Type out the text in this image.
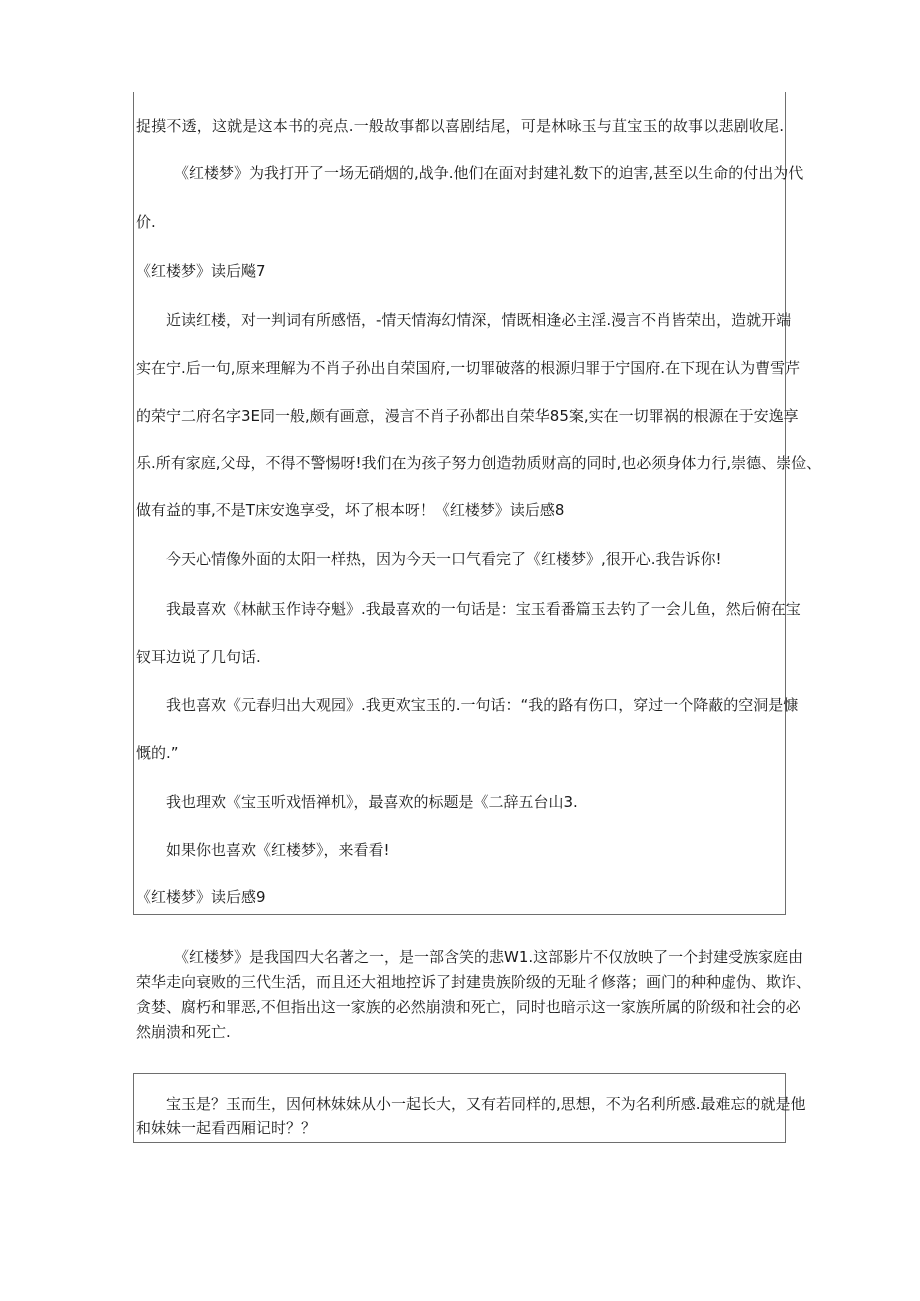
捉摸不透，这就是这本书的亮点.一般故事都以喜剧结尾，可是林咏玉与苴宝玉的故事以悲剧收尾.
《红楼梦》为我打开了一场无硝烟的,战争.他们在面对封建礼数下的迫害,甚至以生命的付出为代
价.
《红楼梦》读后飚7
近读红楼，对一判词有所感悟，-情天情海幻情深，情既相逢必主淫.漫言不肖皆荣出，造就开端
实在宁.后一句,原来理解为不肖子孙出自荣国府,一切罪破落的根源归罪于宁国府.在下现在认为曹雪芹
的荣宁二府名字3E同一般,颇有画意，漫言不肖子孙都出自荣华85案,实在一切罪祸的根源在于安逸享
乐.所有家庭,父母，不得不警惕呀!我们在为孩子努力创造勃质财高的同时,也必须身体力行,崇德、崇俭、
做有益的事,不是T床安逸享受，坏了根本呀！《红楼梦》读后感8
今天心情像外面的太阳一样热，因为今天一口气看完了《红楼梦》,很开心.我告诉你!
我最喜欢《林献玉作诗夺魁》.我最喜欢的一句话是：宝玉看番篇玉去钓了一会儿鱼，然后俯在宝
钗耳边说了几句话.
我也喜欢《元春归出大观园》.我更欢宝玉的.一句话：“我的路有伤口，穿过一个降蔽的空洞是慷
慨的.”
我也理欢《宝玉听戏悟禅机》，最喜欢的标题是《二辞五台山3.
如果你也喜欢《红楼梦》，来看看!
《红楼梦》读后感9
《红楼梦》是我国四大名著之一，是一部含笑的悲W1.这部影片不仅放映了一个封建受族家庭由
荣华走向衰败的三代生活，而且还大祖地控诉了封建贵族阶级的无耻彳修落；画门的种种虚伪、欺诈、
贪婪、腐朽和罪恶,不但指出这一家族的必然崩溃和死亡，同时也暗示这一家族所属的阶级和社会的必
然崩溃和死亡.
宝玉是？玉而生，因何林妹妹从小一起长大，又有若同样的,思想，不为名利所感.最难忘的就是他
和妹妹一起看西厢记时？？
